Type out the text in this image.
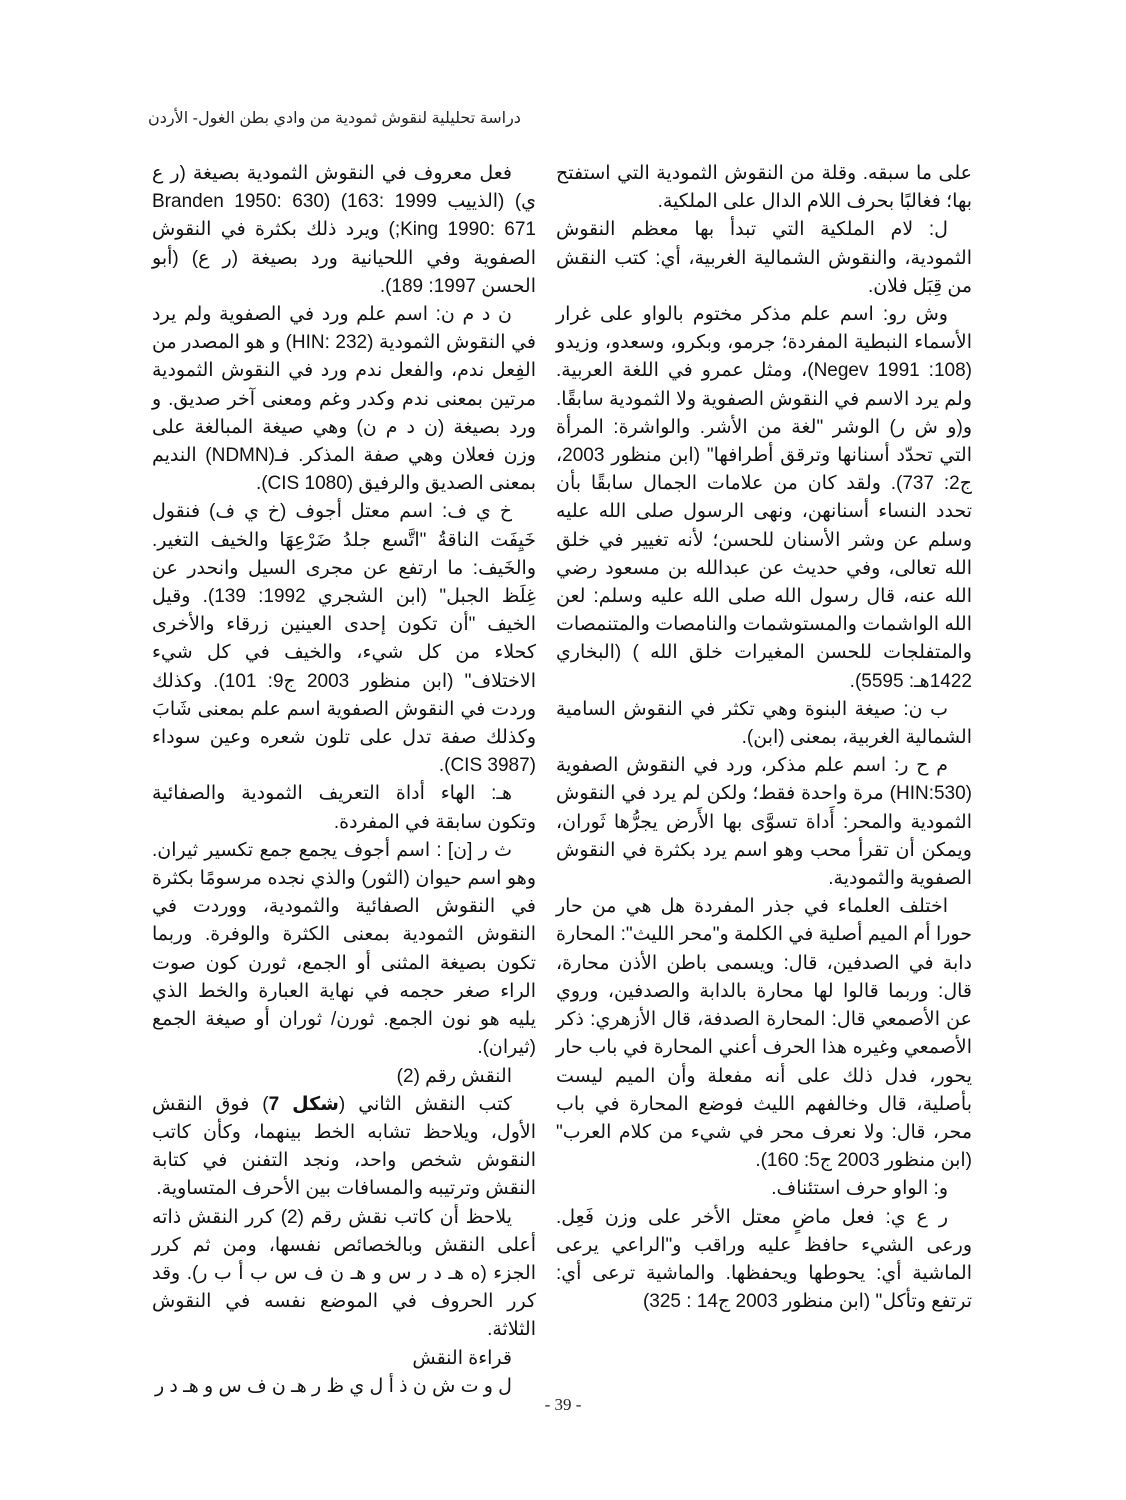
دراسة تحليلية لنقوش ثمودية من وادي بطن الغول- الأردن

على ما سبقه. وقلة من النقوش الثمودية التي استفتح بها؛ فغالبًا بحرف اللام الدال على الملكية.

ل: لام الملكية التي تبدأ بها معظم النقوش الثمودية، والنقوش الشمالية الغربية، أي: كتب النقش من قِبَل فلان.

وش رو: اسم علم مذكر مختوم بالواو على غرار الأسماء النبطية المفردة؛ جرمو، وبكرو، وسعدو، وزيدو (Negev 1991 :108)، ومثل عمرو في اللغة العربية. ولم يرد الاسم في النقوش الصفوية ولا الثمودية سابقًا. و(و ش ر) الوشر "لغة من الأشر. والواشرة: المرأة التي تحدّد أسنانها وترقق أطرافها" (ابن منظور 2003، ج2: 737). ولقد كان من علامات الجمال سابقًا بأن تحدد النساء أسنانهن، ونهى الرسول صلى الله عليه وسلم عن وشر الأسنان للحسن؛ لأنه تغيير في خلق الله تعالى، وفي حديث عن عبدالله بن مسعود رضي الله عنه، قال رسول الله صلى الله عليه وسلم: لعن الله الواشمات والمستوشمات والنامصات والمتنمصات والمتفلجات للحسن المغيرات خلق الله ) (البخاري 1422هـ: 5595).

ب ن: صيغة البنوة وهي تكثر في النقوش السامية الشمالية الغربية، بمعنى (ابن).

م ح ر: اسم علم مذكر، ورد في النقوش الصفوية (HIN:530) مرة واحدة فقط؛ ولكن لم يرد في النقوش الثمودية والمحر: أَداة تسوَّى بها الأَرض يجرُّها ثَوران، ويمكن أن تقرأ محب وهو اسم يرد بكثرة في النقوش الصفوية والثمودية.

اختلف العلماء في جذر المفردة هل هي من حار حورا أم الميم أصلية في الكلمة و"محر الليث": المحارة دابة في الصدفين، قال: ويسمى باطن الأذن محارة، قال: وربما قالوا لها محارة بالدابة والصدفين، وروي عن الأصمعي قال: المحارة الصدفة، قال الأزهري: ذكر الأصمعي وغيره هذا الحرف أعني المحارة في باب حار يحور، فدل ذلك على أنه مفعلة وأن الميم ليست بأصلية، قال وخالفهم الليث فوضع المحارة في باب محر، قال: ولا نعرف محر في شيء من كلام العرب" (ابن منظور 2003 ج5: 160).

و: الواو حرف استئناف.

ر ع ي: فعل ماضٍ معتل الأخر على وزن فَعِل. ورعى الشيء حافظ عليه وراقب و"الراعي يرعى الماشية أي: يحوطها ويحفظها. والماشية ترعى أي: ترتفع وتأكل" (ابن منظور 2003 ج14 : 325)

فعل معروف في النقوش الثمودية بصيغة (ر ع ي) (الذييب 1999 :163) (Branden 1950: 630 ;King 1990: 671) ويرد ذلك بكثرة في النقوش الصفوية وفي اللحيانية ورد بصيغة (ر ع) (أبو الحسن 1997: 189).

ن د م ن: اسم علم ورد في الصفوية ولم يرد في النقوش الثمودية (HIN: 232) و هو المصدر من الفِعل ندم، والفعل ندم ورد في النقوش الثمودية مرتين بمعنى ندم وكدر وغم ومعنى آخر صديق. و ورد بصيغة (ن د م ن) وهي صيغة المبالغة على وزن فعلان وهي صفة المذكر. فـ(NDMN) النديم بمعنى الصديق والرفيق (CIS 1080).

خ ي ف: اسم معتل أجوف (خ ي ف) فنقول خَيِفَت الناقةُ "اتَّسع جلدُ ضَرْعِهَا والخيف التغير. والخَيف: ما ارتفع عن مجرى السيل وانحدر عن غِلَظ الجبل" (ابن الشجري 1992: 139). وقيل الخيف "أن تكون إحدى العينين زرقاء والأخرى كحلاء من كل شيء، والخيف في كل شيء الاختلاف" (ابن منظور 2003 ج9: 101). وكذلك وردت في النقوش الصفوية اسم علم بمعنى شَابَ وكذلك صفة تدل على تلون شعره وعين سوداء (CIS 3987).

هـ: الهاء أداة التعريف الثمودية والصفائية وتكون سابقة في المفردة.

ث ر [ن] : اسم أجوف يجمع جمع تكسير ثيران. وهو اسم حيوان (الثور) والذي نجده مرسومًا بكثرة في النقوش الصفائية والثمودية، ووردت في النقوش الثمودية بمعنى الكثرة والوفرة. وربما تكون بصيغة المثنى أو الجمع، ثورن كون صوت الراء صغر حجمه في نهاية العبارة والخط الذي يليه هو نون الجمع. ثورن/ ثوران أو صيغة الجمع (ثيران).

النقش رقم (2)

كتب النقش الثاني (شكل 7) فوق النقش الأول، ويلاحظ تشابه الخط بينهما، وكأن كاتب النقوش شخص واحد، ونجد التفنن في كتابة النقش وترتيبه والمسافات بين الأحرف المتساوية.

يلاحظ أن كاتب نقش رقم (2) كرر النقش ذاته أعلى النقش وبالخصائص نفسها، ومن ثم كرر الجزء (ه هـ د ر س و هـ ن ف س ب أ ب ر). وقد كرر الحروف في الموضع نفسه في النقوش الثلاثة.

قراءة النقش

ل و ت ش ن ذ أ ل ي ظ ر هـ ن ف س و هـ د ر

- 39 -
